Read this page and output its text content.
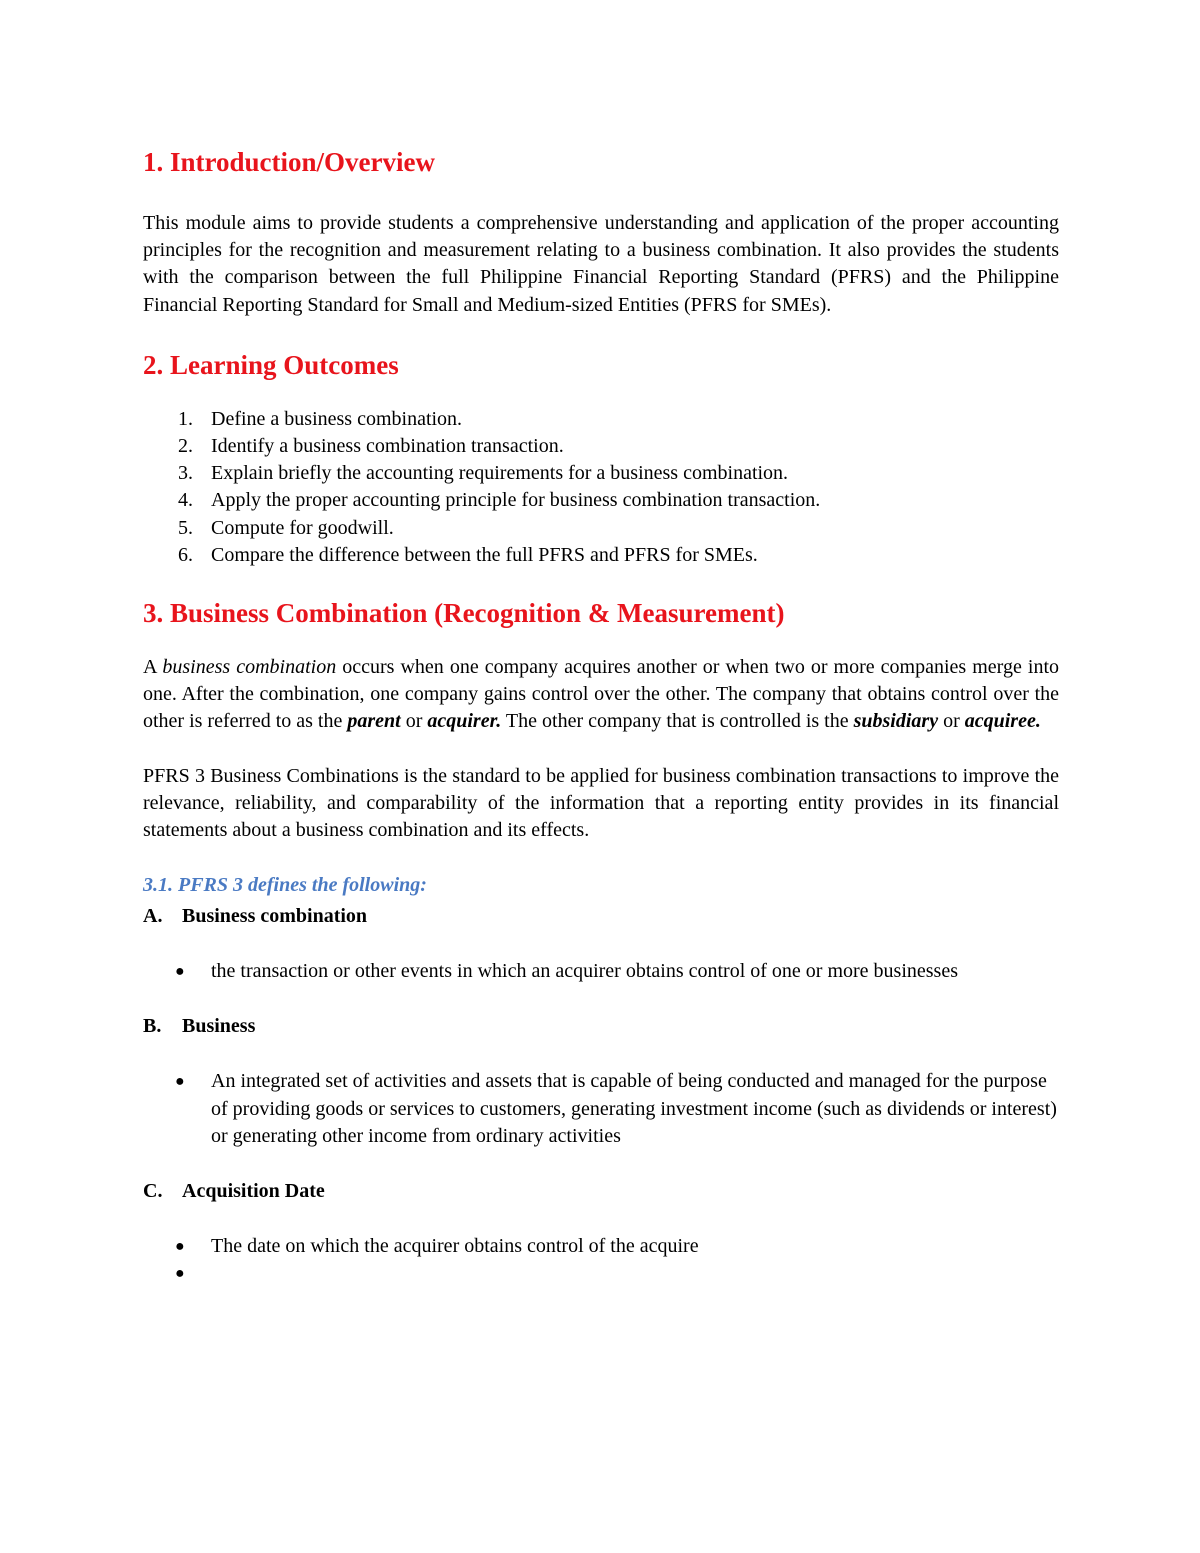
1. Introduction/Overview

This module aims to provide students a comprehensive understanding and application of the proper accounting principles for the recognition and measurement relating to a business combination. It also provides the students with the comparison between the full Philippine Financial Reporting Standard (PFRS) and the Philippine Financial Reporting Standard for Small and Medium-sized Entities (PFRS for SMEs).

2. Learning Outcomes
1. Define a business combination.
2. Identify a business combination transaction.
3. Explain briefly the accounting requirements for a business combination.
4. Apply the proper accounting principle for business combination transaction.
5. Compute for goodwill.
6. Compare the difference between the full PFRS and PFRS for SMEs.
3. Business Combination (Recognition & Measurement)

A business combination occurs when one company acquires another or when two or more companies merge into one. After the combination, one company gains control over the other. The company that obtains control over the other is referred to as the parent or acquirer. The other company that is controlled is the subsidiary or acquiree.

PFRS 3 Business Combinations is the standard to be applied for business combination transactions to improve the relevance, reliability, and comparability of the information that a reporting entity provides in its financial statements about a business combination and its effects.

3.1. PFRS 3 defines the following:
A. Business combination
● the transaction or other events in which an acquirer obtains control of one or more businesses
B. Business
● An integrated set of activities and assets that is capable of being conducted and managed for the purpose of providing goods or services to customers, generating investment income (such as dividends or interest) or generating other income from ordinary activities
C. Acquisition Date
● The date on which the acquirer obtains control of the acquire
●
